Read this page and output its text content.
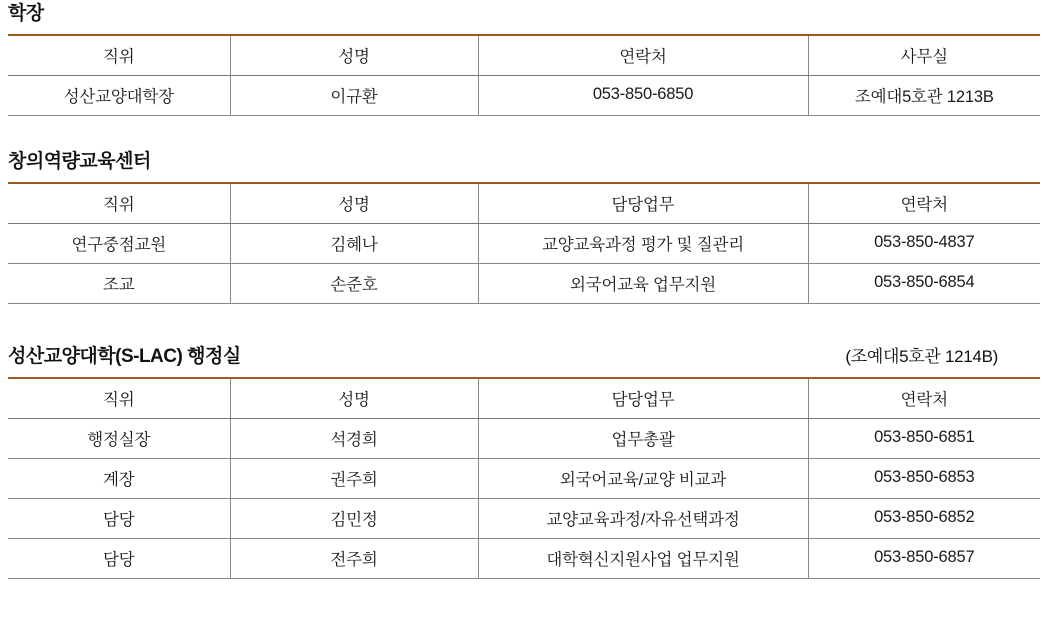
학장
직위	성명	연락처	사무실
성산교양대학장	이규환	053-850-6850	조예대5호관 1213B
창의역량교육센터
직위	성명	담당업무	연락처
연구중점교원	김혜나	교양교육과정 평가 및 질관리	053-850-4837
조교	손준호	외국어교육 업무지원	053-850-6854
성산교양대학(S-LAC) 행정실	(조예대5호관 1214B)
직위	성명	담당업무	연락처
행정실장	석경희	업무총괄	053-850-6851
계장	권주희	외국어교육/교양 비교과	053-850-6853
담당	김민정	교양교육과정/자유선택과정	053-850-6852
담당	전주희	대학혁신지원사업 업무지원	053-850-6857
